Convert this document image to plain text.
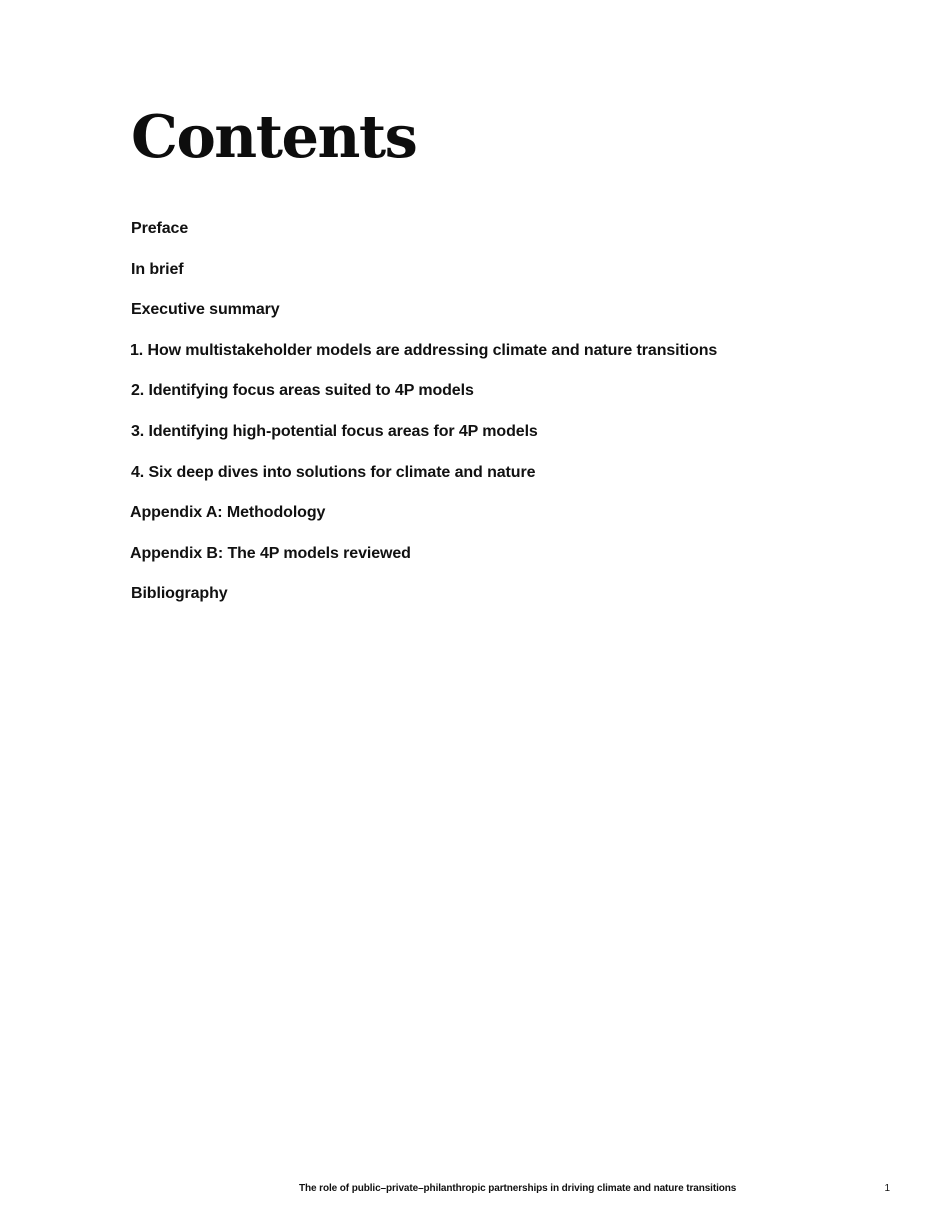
Contents
Preface
In brief
Executive summary
1. How multistakeholder models are addressing climate and nature transitions
2. Identifying focus areas suited to 4P models
3. Identifying high-potential focus areas for 4P models
4. Six deep dives into solutions for climate and nature
Appendix A: Methodology
Appendix B: The 4P models reviewed
Bibliography
The role of public–private–philanthropic partnerships in driving climate and nature transitions	1
